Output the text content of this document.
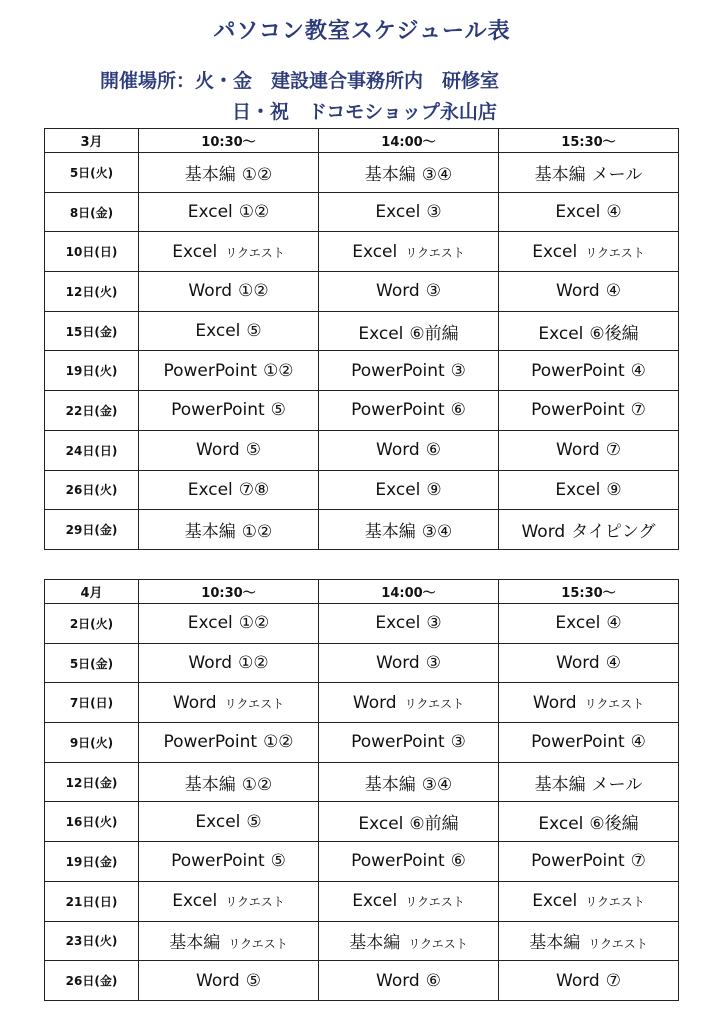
パソコン教室スケジュール表
開催場所：火・金　建設連合事務所内　研修室
日・祝　ドコモショップ永山店
3月	10:30～	14:00～	15:30～
5日(火)	基本編 ①②	基本編 ③④	基本編 メール
8日(金)	Excel ①②	Excel ③	Excel ④
10日(日)	Excel リクエスト	Excel リクエスト	Excel リクエスト
12日(火)	Word ①②	Word ③	Word ④
15日(金)	Excel ⑤	Excel ⑥前編	Excel ⑥後編
19日(火)	PowerPoint ①②	PowerPoint ③	PowerPoint ④
22日(金)	PowerPoint ⑤	PowerPoint ⑥	PowerPoint ⑦
24日(日)	Word ⑤	Word ⑥	Word ⑦
26日(火)	Excel ⑦⑧	Excel ⑨	Excel ⑨
29日(金)	基本編 ①②	基本編 ③④	Word タイピング
4月	10:30～	14:00～	15:30～
2日(火)	Excel ①②	Excel ③	Excel ④
5日(金)	Word ①②	Word ③	Word ④
7日(日)	Word リクエスト	Word リクエスト	Word リクエスト
9日(火)	PowerPoint ①②	PowerPoint ③	PowerPoint ④
12日(金)	基本編 ①②	基本編 ③④	基本編 メール
16日(火)	Excel ⑤	Excel ⑥前編	Excel ⑥後編
19日(金)	PowerPoint ⑤	PowerPoint ⑥	PowerPoint ⑦
21日(日)	Excel リクエスト	Excel リクエスト	Excel リクエスト
23日(火)	基本編 リクエスト	基本編 リクエスト	基本編 リクエスト
26日(金)	Word ⑤	Word ⑥	Word ⑦
